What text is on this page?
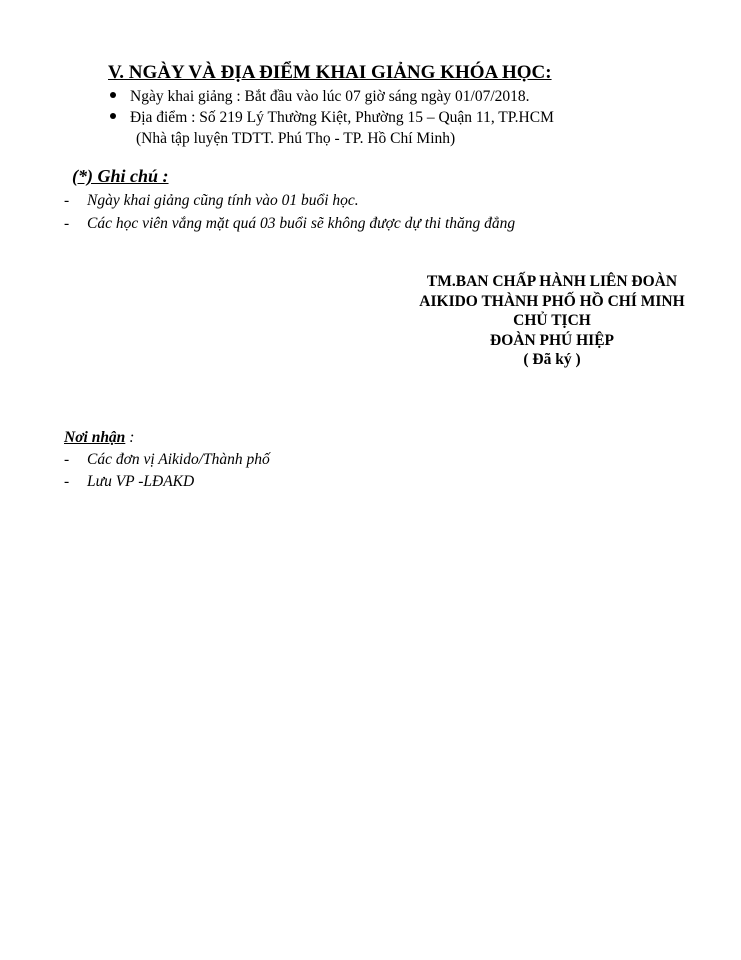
V. NGÀY VÀ ĐỊA ĐIỂM KHAI GIẢNG KHÓA HỌC:
Ngày khai giảng : Bắt đầu vào lúc 07 giờ sáng ngày 01/07/2018.
Địa điểm : Số 219 Lý Thường Kiệt, Phường 15 – Quận 11, TP.HCM
(Nhà tập luyện TDTT. Phú Thọ - TP. Hồ Chí Minh)
(*) Ghi chú :
- Ngày khai giảng cũng tính vào 01 buổi học.
- Các học viên vắng mặt quá 03 buổi sẽ không được dự thi thăng đẳng
TM.BAN CHẤP HÀNH LIÊN ĐOÀN
AIKIDO THÀNH PHỐ HỒ CHÍ MINH
CHỦ TỊCH
ĐOÀN PHÚ HIỆP
( Đã ký )
Nơi nhận :
- Các đơn vị Aikido/Thành phố
- Lưu VP -LĐAKD
